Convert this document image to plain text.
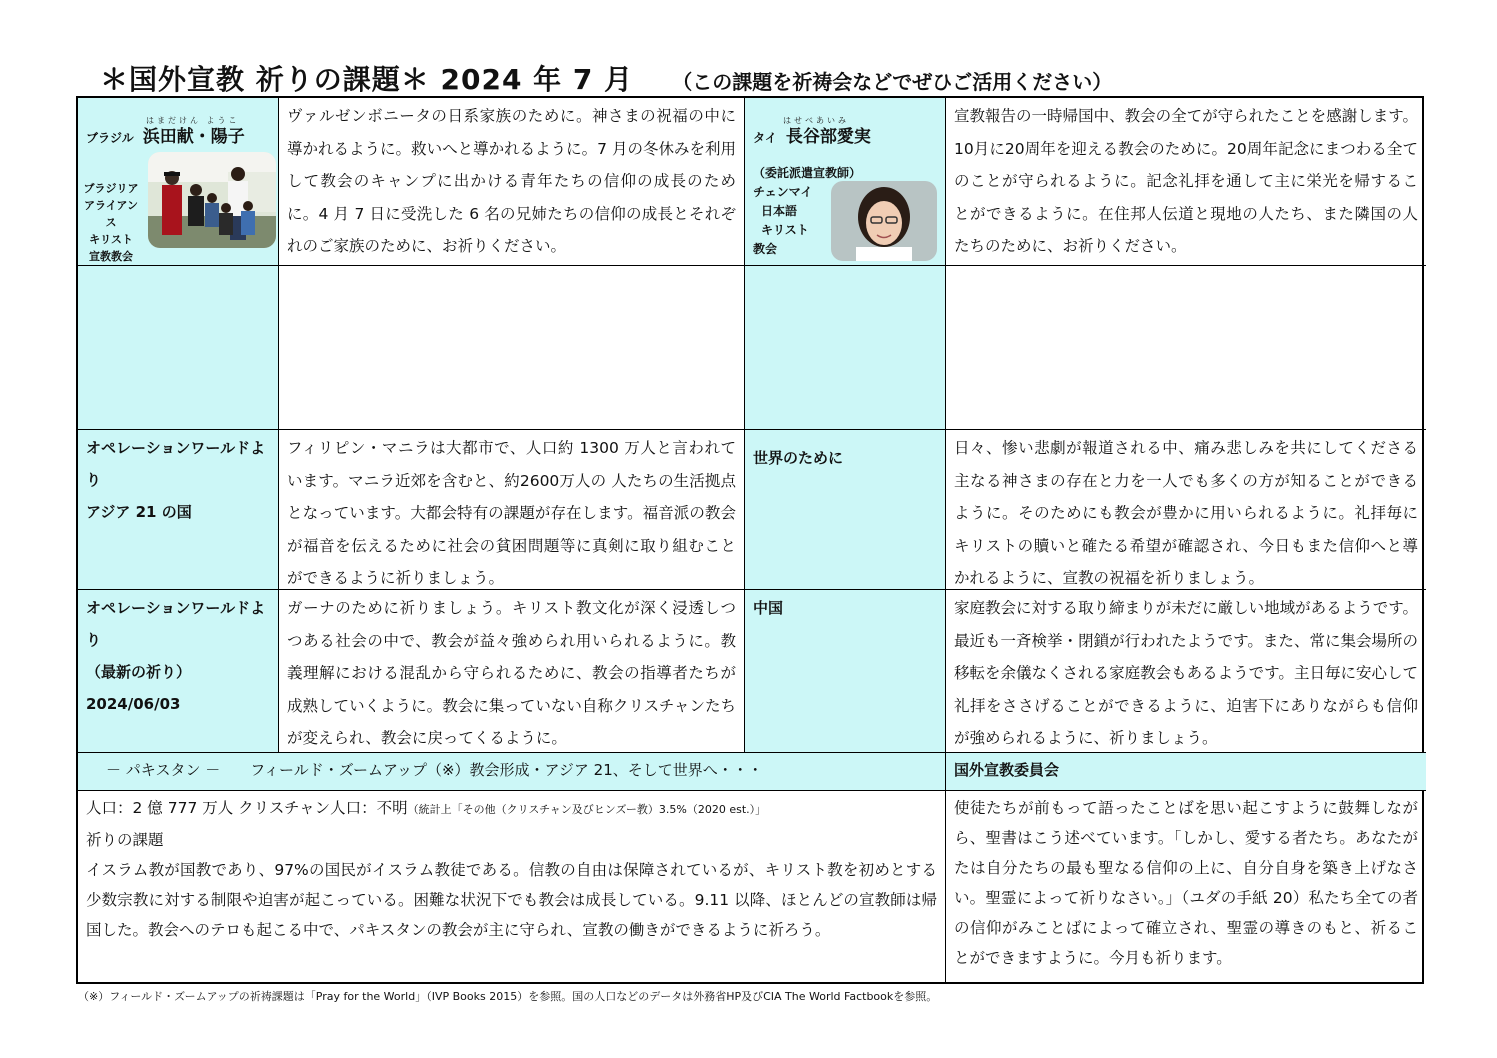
＊国外宣教 祈りの課題＊ 2024 年 7 月 （この課題を祈祷会などでぜひご活用ください）
はまだけん ようこ
ブラジル 浜田献・陽子
ブラジリア
アライアンス
キリスト
宣教教会
ヴァルゼンボニータの日系家族のために。神さまの祝福の中に導かれるように。救いへと導かれるように。7 月の冬休みを利用して教会のキャンプに出かける青年たちの信仰の成長のために。4 月 7 日に受洗した 6 名の兄姉たちの信仰の成長とそれぞれのご家族のために、お祈りください。
はせべあいみ
タイ 長谷部愛実
（委託派遣宣教師）
チェンマイ
日本語
キリスト
教会
宣教報告の一時帰国中、教会の全てが守られたことを感謝します。10月に20周年を迎える教会のために。20周年記念にまつわる全てのことが守られるように。記念礼拝を通して主に栄光を帰することができるように。在住邦人伝道と現地の人たち、また隣国の人たちのために、お祈りください。
オペレーションワールドより
アジア 21 の国
フィリピン・マニラは大都市で、人口約 1300 万人と言われています。マニラ近郊を含むと、約2600万人の 人たちの生活拠点となっています。大都会特有の課題が存在します。福音派の教会が福音を伝えるために社会の貧困問題等に真剣に取り組むことができるように祈りましょう。
世界のために
日々、惨い悲劇が報道される中、痛み悲しみを共にしてくださる主なる神さまの存在と力を一人でも多くの方が知ることができるように。そのためにも教会が豊かに用いられるように。礼拝毎にキリストの贖いと確たる希望が確認され、今日もまた信仰へと導かれるように、宣教の祝福を祈りましょう。
オペレーションワールドより
（最新の祈り）
2024/06/03
ガーナのために祈りましょう。キリスト教文化が深く浸透しつつある社会の中で、教会が益々強められ用いられるように。教義理解における混乱から守られるために、教会の指導者たちが成熟していくように。教会に集っていない自称クリスチャンたちが変えられ、教会に戻ってくるように。
中国	家庭教会に対する取り締まりが未だに厳しい地域があるようです。最近も一斉検挙・閉鎖が行われたようです。また、常に集会場所の移転を余儀なくされる家庭教会もあるようです。主日毎に安心して礼拝をささげることができるように、迫害下にありながらも信仰が強められるように、祈りましょう。
－ パキスタン －　　フィールド・ズームアップ（※）教会形成・アジア 21、そして世界へ・・・	国外宣教委員会
人口：2 億 777 万人 クリスチャン人口：不明（統計上「その他（クリスチャン及びヒンズー教）3.5%（2020 est.）」
祈りの課題
イスラム教が国教であり、97%の国民がイスラム教徒である。信教の自由は保障されているが、キリスト教を初めとする少数宗教に対する制限や迫害が起こっている。困難な状況下でも教会は成長している。9.11 以降、ほとんどの宣教師は帰国した。教会へのテロも起こる中で、パキスタンの教会が主に守られ、宣教の働きができるように祈ろう。
使徒たちが前もって語ったことばを思い起こすように鼓舞しながら、聖書はこう述べています。「しかし、愛する者たち。あなたがたは自分たちの最も聖なる信仰の上に、自分自身を築き上げなさい。聖霊によって祈りなさい。」（ユダの手紙 20）私たち全ての者の信仰がみことばによって確立され、聖霊の導きのもと、祈ることができますように。今月も祈ります。
（※）フィールド・ズームアップの祈祷課題は「Pray for the World」（IVP Books 2015）を参照。国の人口などのデータは外務省HP及びCIA The World Factbookを参照。
